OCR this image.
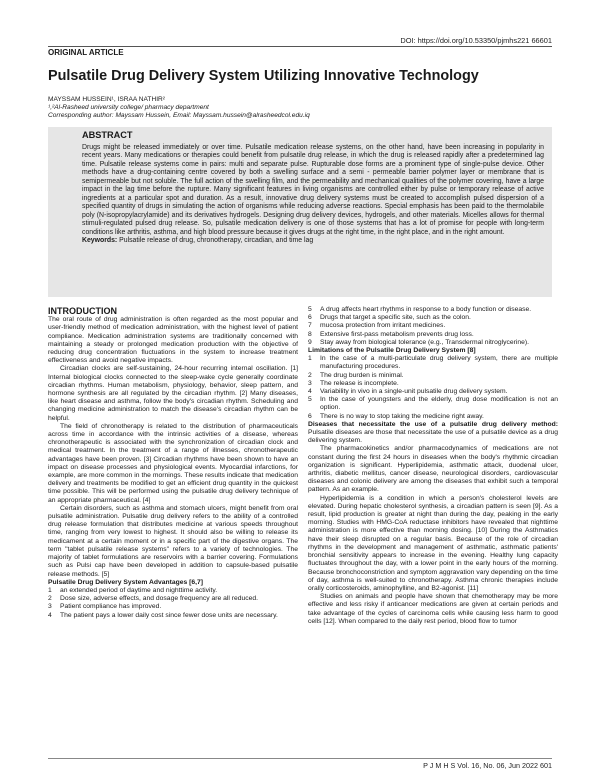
DOI: https://doi.org/10.53350/pjmhs221 66601
ORIGINAL ARTICLE
Pulsatile Drug Delivery System Utilizing Innovative Technology
MAYSSAM HUSSEIN¹, ISRAA NATHIR²
¹,²Al-Rasheed university college/ pharmacy department
Corresponding author: Mayssam Hussein, Email: Mayssam.hussein@alrasheedcol.edu.iq
ABSTRACT
Drugs might be released immediately or over time. Pulsatile medication release systems, on the other hand, have been increasing in popularity in recent years. Many medications or therapies could benefit from pulsatile drug release, in which the drug is released rapidly after a predetermined lag time. Pulsatile release systems come in pairs: multi and separate pulse. Rupturable dose forms are a prominent type of single-pulse device. Other methods have a drug-containing centre covered by both a swelling surface and a semi - permeable barrier polymer layer or membrane that is semipermeable but not soluble. The full action of the swelling film, and the permeability and mechanical qualities of the polymer covering, have a large impact in the lag time before the rupture. Many significant features in living organisms are controlled either by pulse or temporary release of active ingredients at a particular spot and duration. As a result, innovative drug delivery systems must be created to accomplish pulsed dispersion of a specified quantity of drugs in simulating the action of organisms while reducing adverse reactions. Special emphasis has been paid to the thermolabile poly (N-isopropylacrylamide) and its derivatives hydrogels. Designing drug delivery devices, hydrogels, and other materials. Micelles allows for thermal stimuli-regulated pulsed drug release. So, pulsatile medication delivery is one of those systems that has a lot of promise for people with long-term conditions like arthritis, asthma, and high blood pressure because it gives drugs at the right time, in the right place, and in the right amount.
Keywords: Pulsatile release of drug, chronotherapy, circadian, and time lag
INTRODUCTION

The oral route of drug administration is often regarded as the most popular and user-friendly method of medication administration, with the highest level of patient compliance. Medication administration systems are traditionally concerned with maintaining a steady or prolonged medication production with the objective of reducing drug concentration fluctuations in the system to increase treatment effectiveness and avoid negative impacts.

Circadian clocks are self-sustaining, 24-hour recurring internal oscillation. [1] Internal biological clocks connected to the sleep-wake cycle generally coordinate circadian rhythms. Human metabolism, physiology, behavior, sleep pattern, and hormone synthesis are all regulated by the circadian rhythm. [2] Many diseases, like heart disease and asthma, follow the body's circadian rhythm. Scheduling and changing medicine administration to match the disease's circadian rhythm can be helpful.

The field of chronotherapy is related to the distribution of pharmaceuticals across time in accordance with the intrinsic activities of a disease, whereas chronotherapeutic is associated with the synchronization of circadian clock and medical treatment. In the treatment of a range of illnesses, chronotherapeutic advantages have been proven. [3] Circadian rhythms have been shown to have an impact on disease processes and physiological events. Myocardial infarctions, for example, are more common in the mornings. These results indicate that medication delivery and treatments be modified to get an efficient drug quantity in the quickest time possible. This will be performed using the pulsatile drug delivery technique of an appropriate pharmaceutical. [4]

Certain disorders, such as asthma and stomach ulcers, might benefit from oral pulsatile administration. Pulsatile drug delivery refers to the ability of a controlled drug release formulation that distributes medicine at various speeds throughout time, ranging from very lowest to highest. It should also be willing to release its medicament at a certain moment or in a specific part of the digestive organs. The term "tablet pulsatile release systems" refers to a variety of technologies. The majority of tablet formulations are reservoirs with a barrier covering. Formulations such as Pulsi cap have been developed in addition to capsule-based pulsatile release methods. [5]

Pulsatile Drug Delivery System Advantages [6,7]
1	an extended period of daytime and nighttime activity.
2	Dose size, adverse effects, and dosage frequency are all reduced.
3	Patient compliance has improved.
4	The patient pays a lower daily cost since fewer dose units are necessary.
5	A drug affects heart rhythms in response to a body function or disease.
6	Drugs that target a specific site, such as the colon.
7	mucosa protection from irritant medicines.
8	Extensive first-pass metabolism prevents drug loss.
9	Stay away from biological tolerance (e.g., Transdermal nitroglycerine).
Limitations of the Pulsatile Drug Delivery System [8]
1	In the case of a multi-particulate drug delivery system, there are multiple manufacturing procedures.
2	The drug burden is minimal.
3	The release is incomplete.
4	Variability in vivo in a single-unit pulsatile drug delivery system.
5	In the case of youngsters and the elderly, drug dose modification is not an option.
6	There is no way to stop taking the medicine right away.

Diseases that necessitate the use of a pulsatile drug delivery method: Pulsatile diseases are those that necessitate the use of a pulsatile device as a drug delivering system.

The pharmacokinetics and/or pharmacodynamics of medications are not constant during the first 24 hours in diseases when the body's rhythmic circadian organization is significant. Hyperlipidemia, asthmatic attack, duodenal ulcer, arthritis, diabetic mellitus, cancer disease, neurological disorders, cardiovascular diseases and colonic delivery are among the diseases that exhibit such a temporal pattern. As an example.

Hyperlipidemia is a condition in which a person's cholesterol levels are elevated. During hepatic cholesterol synthesis, a circadian pattern is seen [9]. As a result, lipid production is greater at night than during the day, peaking in the early morning. Studies with HMG-CoA reductase inhibitors have revealed that nighttime administration is more effective than morning dosing. [10] During the Asthmatics have their sleep disrupted on a regular basis. Because of the role of circadian rhythms in the development and management of asthmatic, asthmatic patients' bronchial sensitivity appears to increase in the evening. Healthy lung capacity fluctuates throughout the day, with a lower point in the early hours of the morning. Because bronchoconstriction and symptom aggravation vary depending on the time of day, asthma is well-suited to chronotherapy. Asthma chronic therapies include orally corticosteroids, aminophylline, and B2-agonist. [11]

Studies on animals and people have shown that chemotherapy may be more effective and less risky if anticancer medications are given at certain periods and take advantage of the cycles of carcinoma cells while causing less harm to good cells [12]. When compared to the daily rest period, blood flow to tumor

P J M H S Vol. 16, No. 06, Jun 2022 601
